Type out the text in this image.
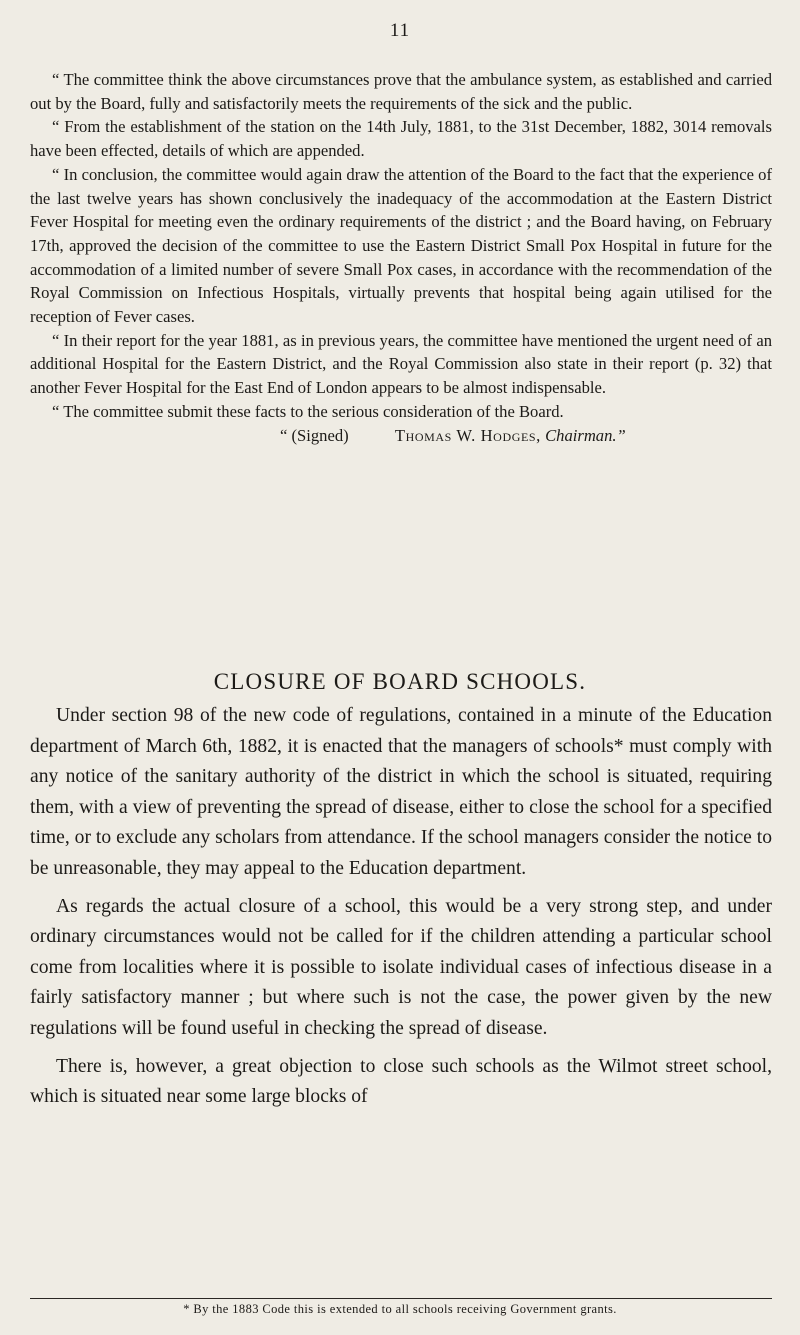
11

“ The committee think the above circumstances prove that the ambulance system, as established and carried out by the Board, fully and satisfactorily meets the requirements of the sick and the public.

“ From the establishment of the station on the 14th July, 1881, to the 31st December, 1882, 3014 removals have been effected, details of which are appended.

“ In conclusion, the committee would again draw the attention of the Board to the fact that the experience of the last twelve years has shown conclusively the inadequacy of the accommodation at the Eastern District Fever Hospital for meeting even the ordinary requirements of the district ; and the Board having, on February 17th, approved the decision of the committee to use the Eastern District Small Pox Hospital in future for the accommodation of a limited number of severe Small Pox cases, in accordance with the recommendation of the Royal Commission on Infectious Hospitals, virtually prevents that hospital being again utilised for the reception of Fever cases.

“ In their report for the year 1881, as in previous years, the committee have mentioned the urgent need of an additional Hospital for the Eastern District, and the Royal Commission also state in their report (p. 32) that another Fever Hospital for the East End of London appears to be almost indispensable.

“ The committee submit these facts to the serious consideration of the Board.

“ (Signed)	Thomas W. Hodges, Chairman.”

CLOSURE OF BOARD SCHOOLS.

Under section 98 of the new code of regulations, contained in a minute of the Education department of March 6th, 1882, it is enacted that the managers of schools* must comply with any notice of the sanitary authority of the district in which the school is situated, requiring them, with a view of preventing the spread of disease, either to close the school for a specified time, or to exclude any scholars from attendance. If the school managers consider the notice to be unreasonable, they may appeal to the Education department.

As regards the actual closure of a school, this would be a very strong step, and under ordinary circumstances would not be called for if the children attending a particular school come from localities where it is possible to isolate individual cases of infectious disease in a fairly satisfactory manner ; but where such is not the case, the power given by the new regulations will be found useful in checking the spread of disease.

There is, however, a great objection to close such schools as the Wilmot street school, which is situated near some large blocks of

* By the 1883 Code this is extended to all schools receiving Government grants.
